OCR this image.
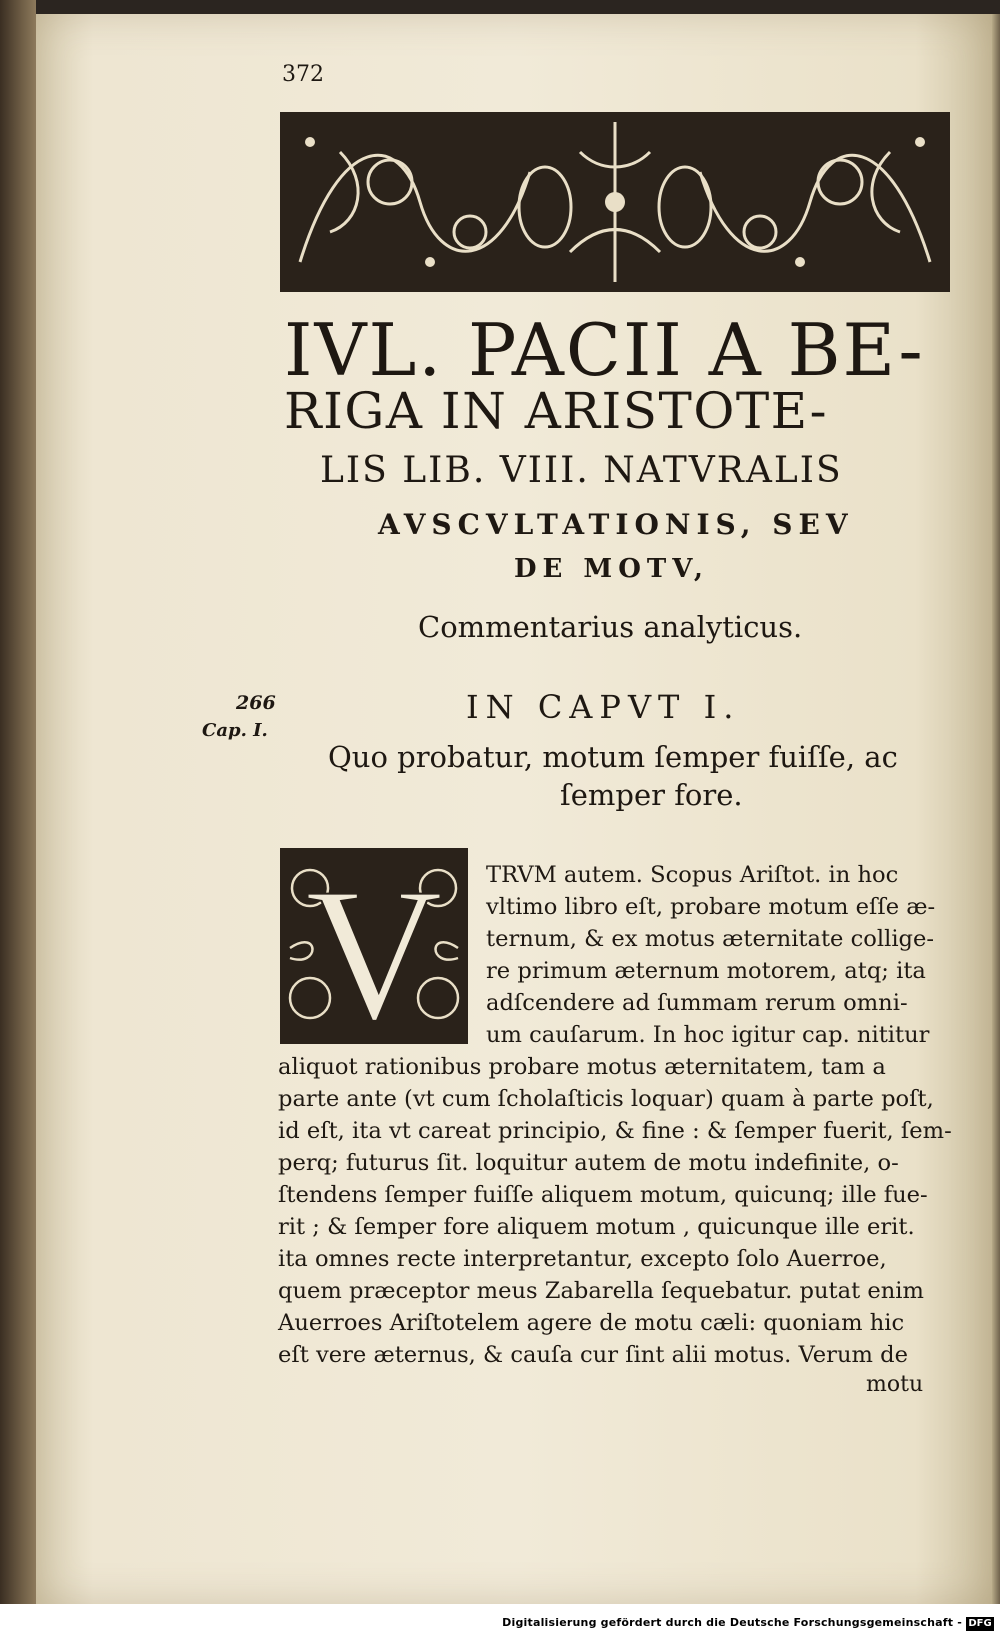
372
IVL. PACII A BE-
RIGA IN ARISTOTE-
LIS LIB. VIII. NATVRALIS
AVSCVLTATIONIS, SEV
DE MOTV,
Commentarius analyticus.
266
Cap. I.
IN CAPVT I.
Quo probatur, motum ſemper fuiſſe, ac
ſemper fore.
V TRVM autem. Scopus Ariſtot. in hoc
vltimo libro eſt, probare motum eſſe æ-
ternum, & ex motus æternitate collige-
re primum æternum motorem, atq; ita
adſcendere ad ſummam rerum omni-
um cauſarum. In hoc igitur cap. nititur
aliquot rationibus probare motus æternitatem, tam a
parte ante (vt cum ſcholaſticis loquar) quam à parte poſt,
id eſt, ita vt careat principio, & fine : & ſemper fuerit, ſem-
perq; futurus ſit. loquitur autem de motu indefinite, o-
ſtendens ſemper fuiſſe aliquem motum, quicunq; ille fue-
rit ; & ſemper fore aliquem motum , quicunque ille erit.
ita omnes recte interpretantur, excepto ſolo Auerroe,
quem præceptor meus Zabarella ſequebatur. putat enim
Auerroes Ariſtotelem agere de motu cæli: quoniam hic
eſt vere æternus, & cauſa cur ſint alii motus. Verum de
motu
Digitalisierung gefördert durch die Deutsche Forschungsgemeinschaft - DFG
